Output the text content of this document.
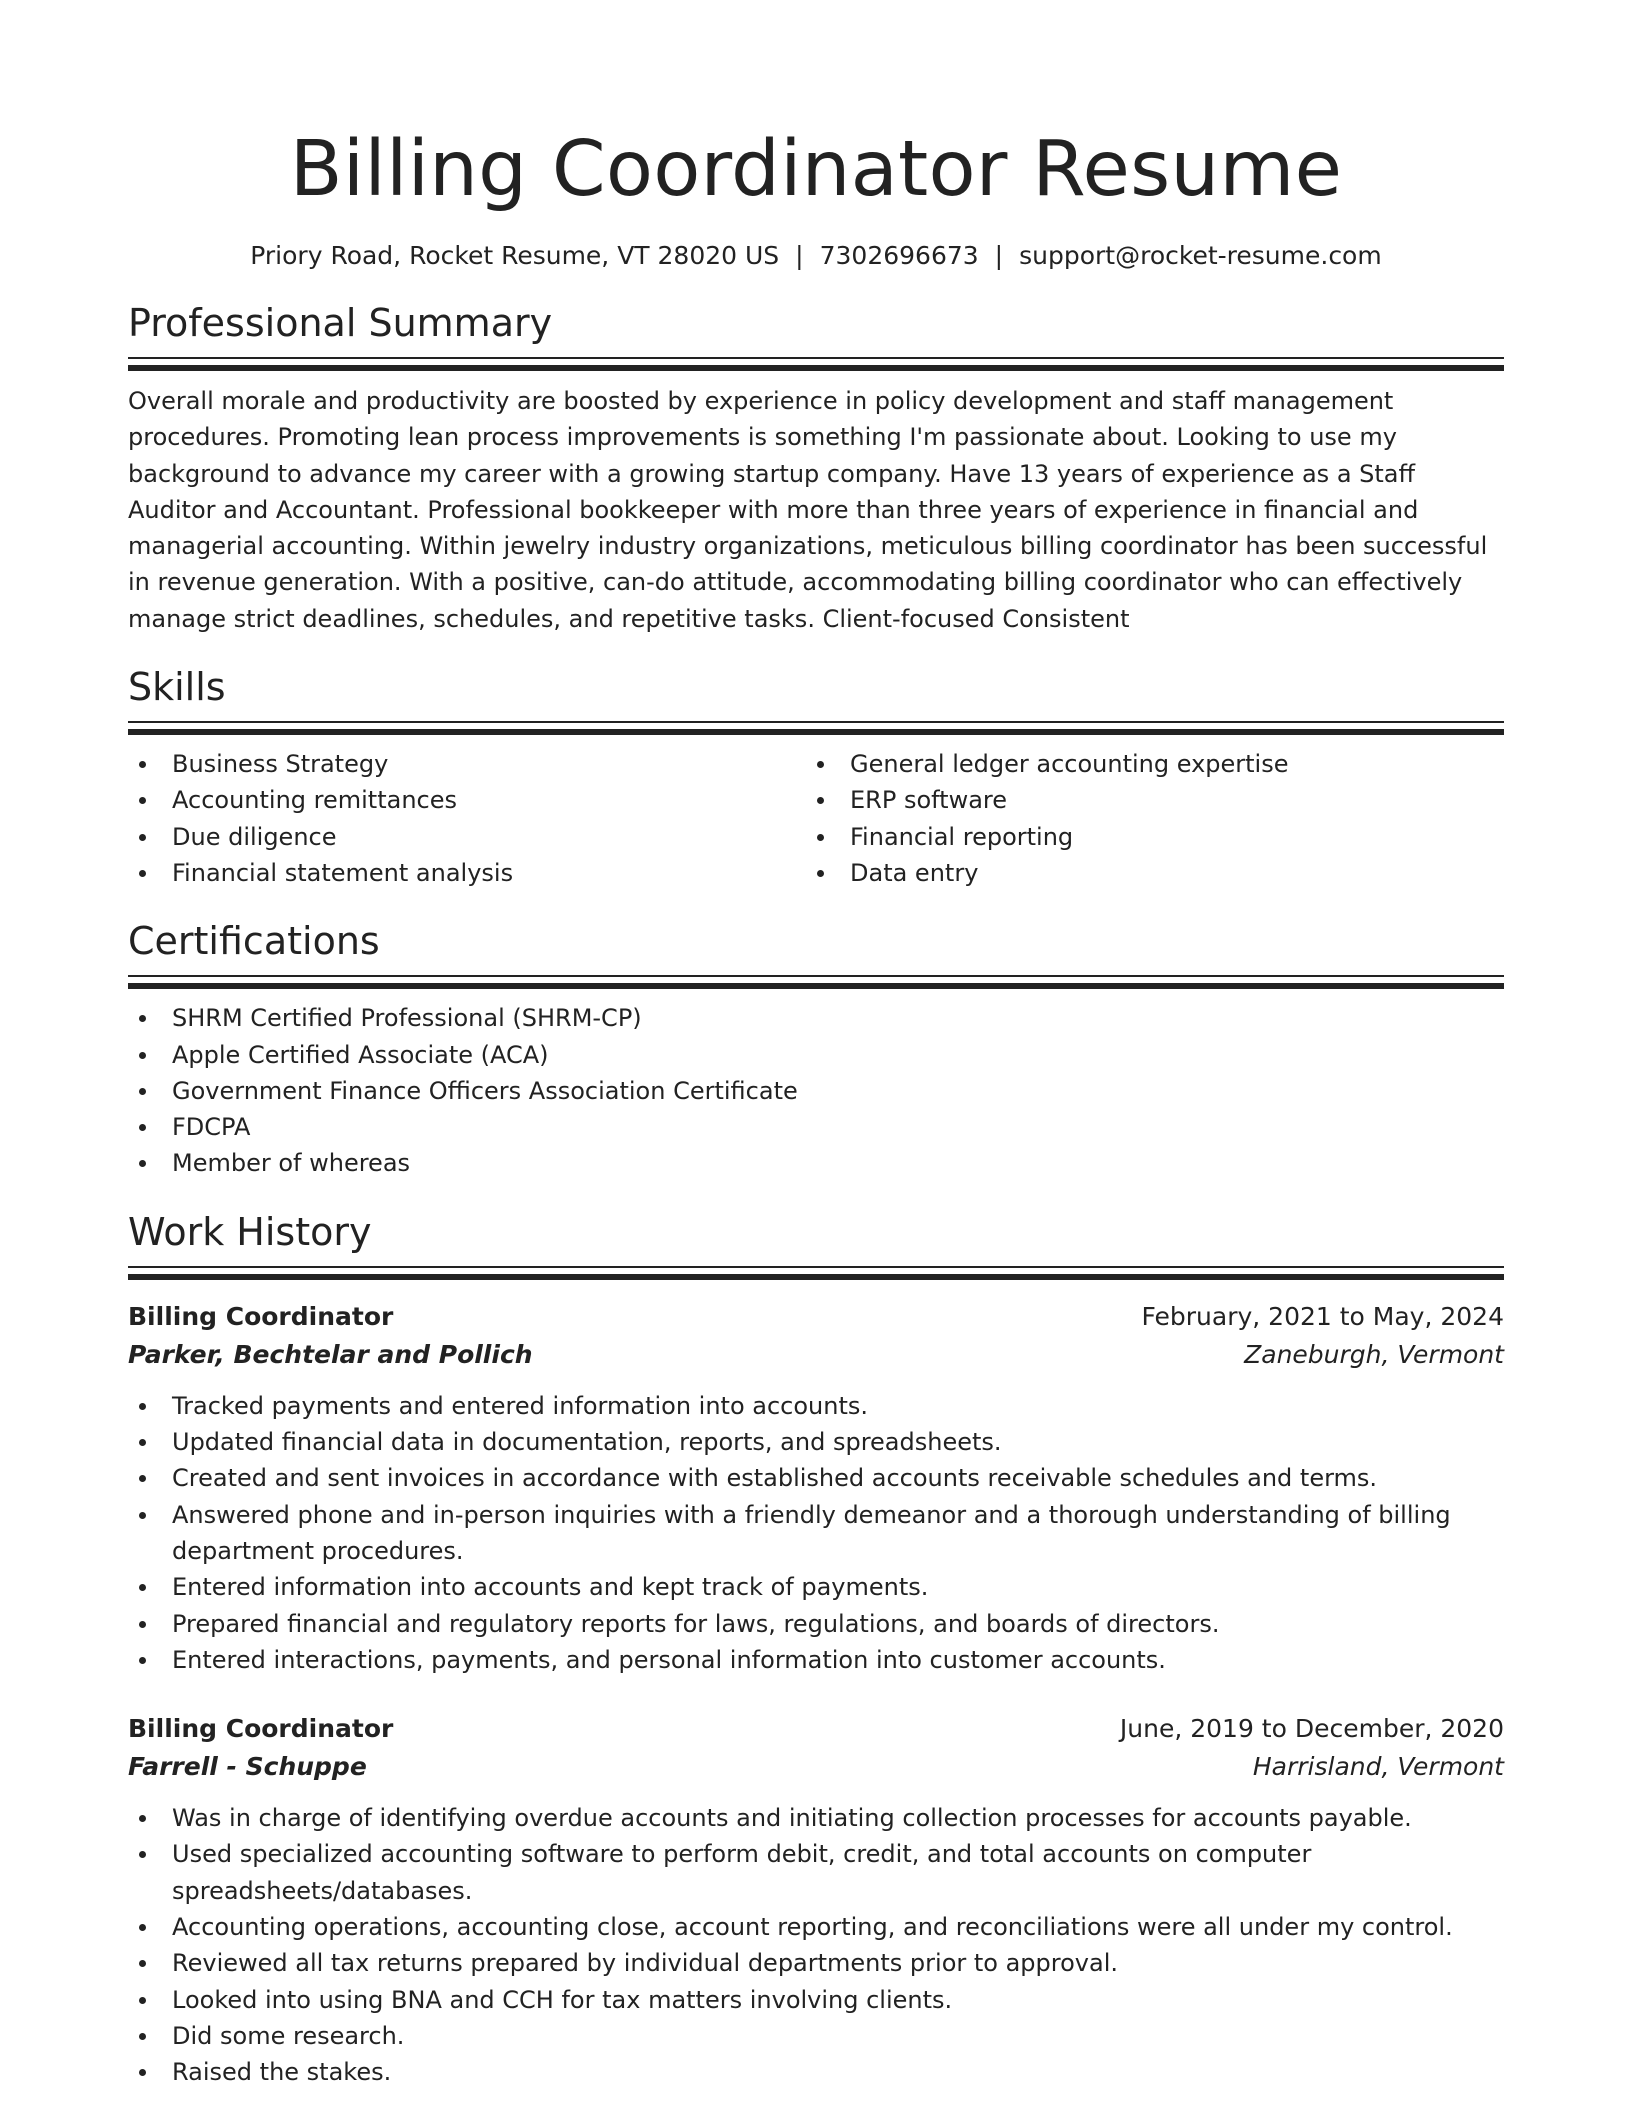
Billing Coordinator Resume
Priory Road, Rocket Resume, VT 28020 US | 7302696673 | support@rocket-resume.com
Professional Summary
Overall morale and productivity are boosted by experience in policy development and staff management procedures. Promoting lean process improvements is something I'm passionate about. Looking to use my background to advance my career with a growing startup company. Have 13 years of experience as a Staff Auditor and Accountant. Professional bookkeeper with more than three years of experience in financial and managerial accounting. Within jewelry industry organizations, meticulous billing coordinator has been successful in revenue generation. With a positive, can-do attitude, accommodating billing coordinator who can effectively manage strict deadlines, schedules, and repetitive tasks. Client-focused Consistent
Skills
Business Strategy
Accounting remittances
Due diligence
Financial statement analysis
General ledger accounting expertise
ERP software
Financial reporting
Data entry
Certifications
SHRM Certified Professional (SHRM-CP)
Apple Certified Associate (ACA)
Government Finance Officers Association Certificate
FDCPA
Member of whereas
Work History
Billing Coordinator	February, 2021 to May, 2024
Parker, Bechtelar and Pollich	Zaneburgh, Vermont
Tracked payments and entered information into accounts.
Updated financial data in documentation, reports, and spreadsheets.
Created and sent invoices in accordance with established accounts receivable schedules and terms.
Answered phone and in-person inquiries with a friendly demeanor and a thorough understanding of billing department procedures.
Entered information into accounts and kept track of payments.
Prepared financial and regulatory reports for laws, regulations, and boards of directors.
Entered interactions, payments, and personal information into customer accounts.
Billing Coordinator	June, 2019 to December, 2020
Farrell - Schuppe	Harrisland, Vermont
Was in charge of identifying overdue accounts and initiating collection processes for accounts payable.
Used specialized accounting software to perform debit, credit, and total accounts on computer spreadsheets/databases.
Accounting operations, accounting close, account reporting, and reconciliations were all under my control.
Reviewed all tax returns prepared by individual departments prior to approval.
Looked into using BNA and CCH for tax matters involving clients.
Did some research.
Raised the stakes.
